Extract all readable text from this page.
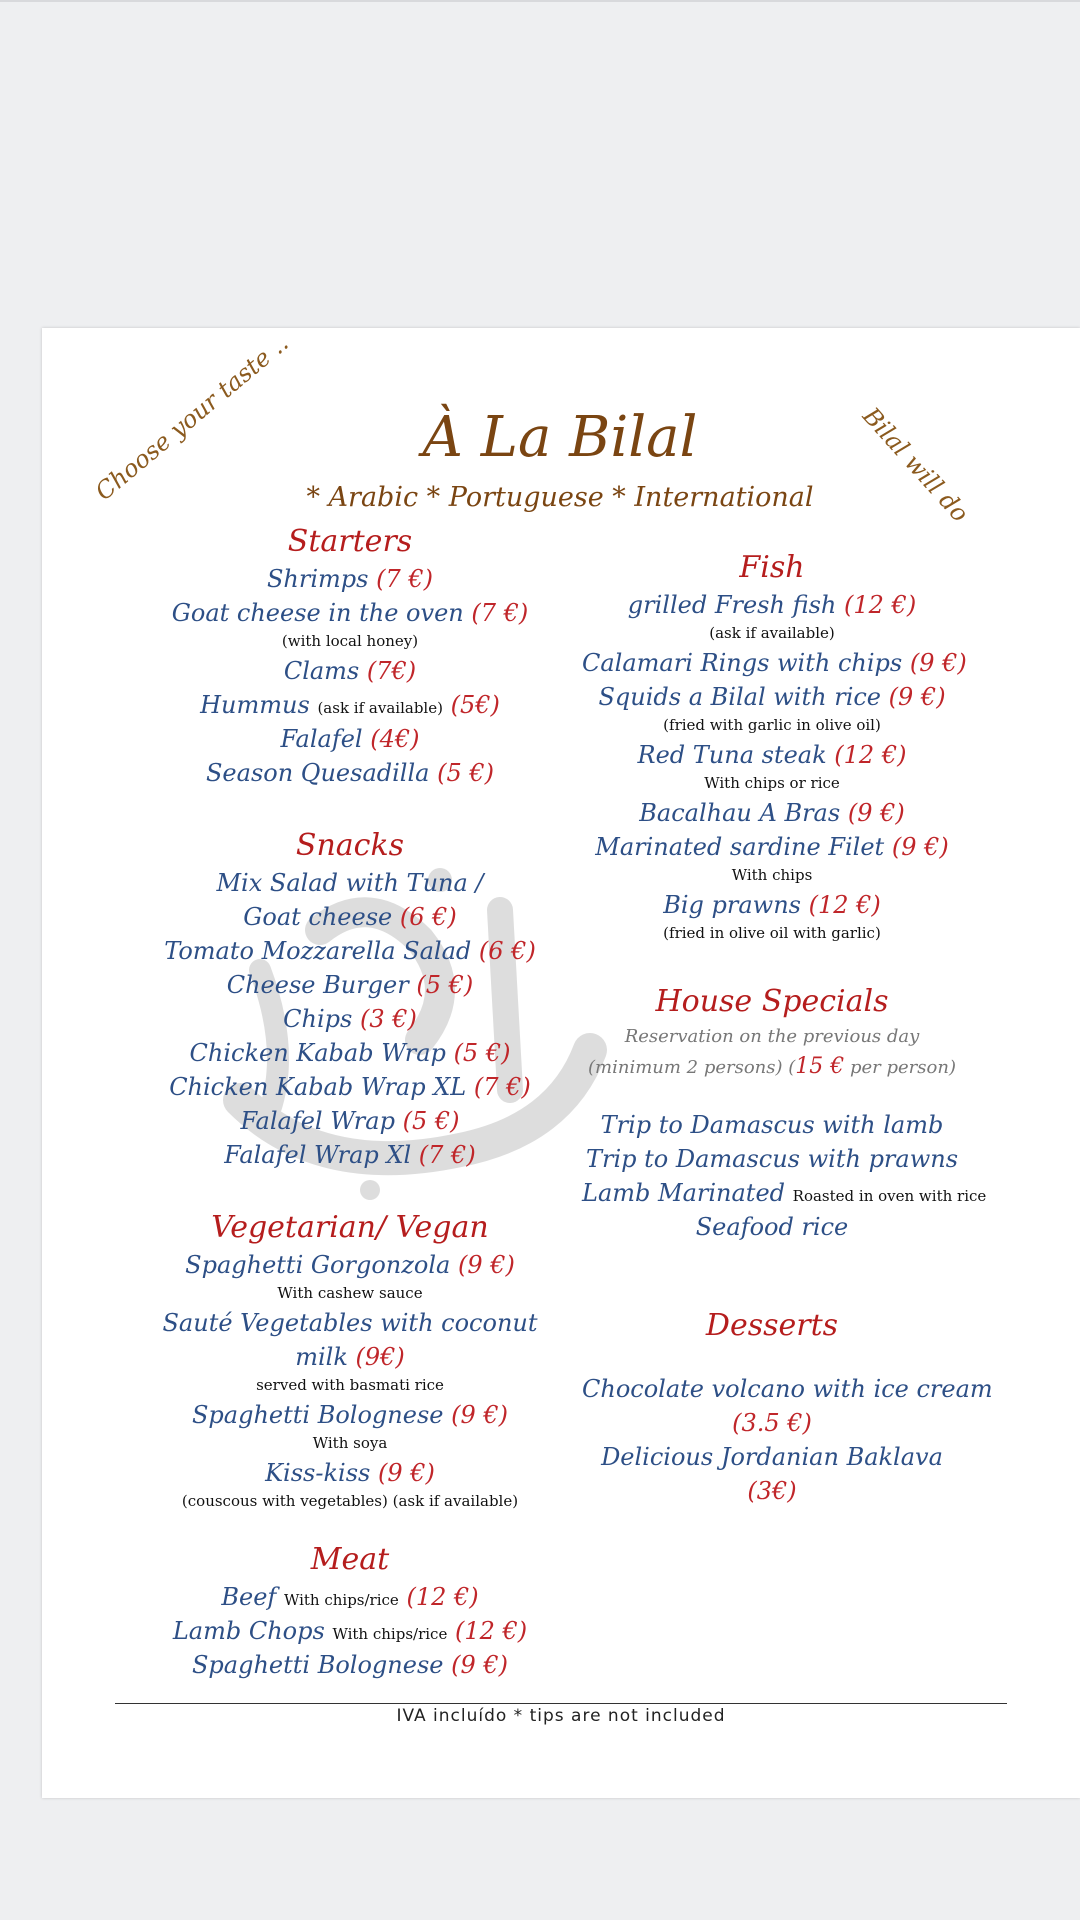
À La Bilal
* Arabic * Portuguese * International
Choose your taste ..	Bilal will do
Starters
Shrimps (7 €)
Goat cheese in the oven (7 €)
(with local honey)
Clams (7€)
Hummus (ask if available) (5€)
Falafel (4€)
Season Quesadilla (5 €)
Snacks
Mix Salad with Tuna /
Goat cheese (6 €)
Tomato Mozzarella Salad (6 €)
Cheese Burger (5 €)
Chips (3 €)
Chicken Kabab Wrap (5 €)
Chicken Kabab Wrap XL (7 €)
Falafel Wrap (5 €)
Falafel Wrap Xl (7 €)
Vegetarian/ Vegan
Spaghetti Gorgonzola (9 €)
With cashew sauce
Sauté Vegetables with coconut
milk (9€)
served with basmati rice
Spaghetti Bolognese (9 €)
With soya
Kiss-kiss (9 €)
(couscous with vegetables) (ask if available)
Meat
Beef With chips/rice (12 €)
Lamb Chops With chips/rice (12 €)
Spaghetti Bolognese (9 €)
Fish
grilled Fresh fish (12 €)
(ask if available)
Calamari Rings with chips (9 €)
Squids a Bilal with rice (9 €)
(fried with garlic in olive oil)
Red Tuna steak (12 €)
With chips or rice
Bacalhau A Bras (9 €)
Marinated sardine Filet (9 €)
With chips
Big prawns (12 €)
(fried in olive oil with garlic)
House Specials
Reservation on the previous day
(minimum 2 persons) (15 € per person)
Trip to Damascus with lamb
Trip to Damascus with prawns
Lamb Marinated Roasted in oven with rice
Seafood rice
Desserts
Chocolate volcano with ice cream
(3.5 €)
Delicious Jordanian Baklava
(3€)
IVA incluído * tips are not included
